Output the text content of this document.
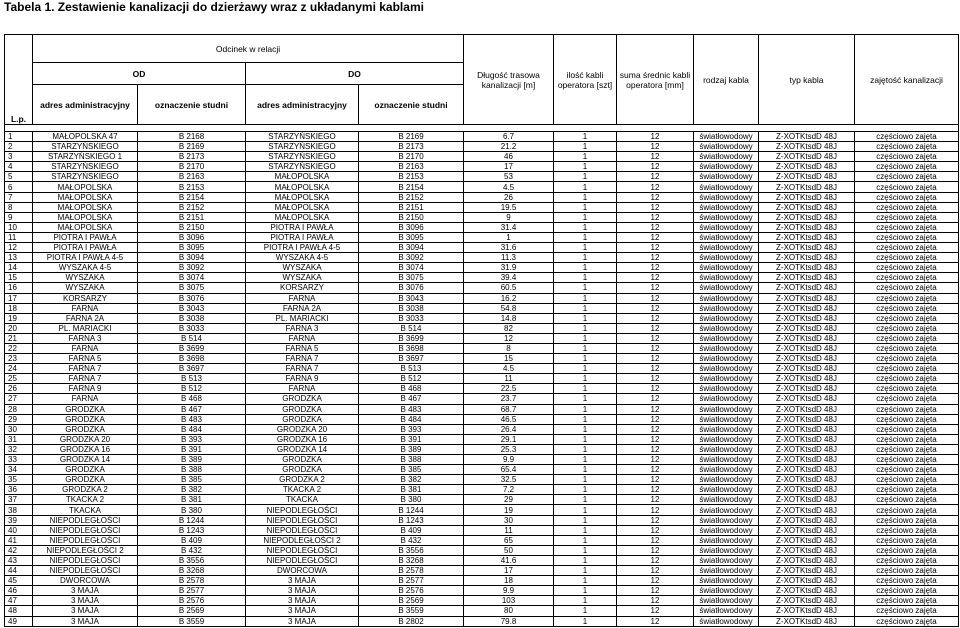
Tabela 1. Zestawienie kanalizacji do dzierżawy wraz z układanymi kablami
L.p.	Odcinek w relacji				Długość trasowa kanalizacji [m]	ilość kabli operatora [szt]	suma średnic kabli operatora [mm]	rodzaj kabla	typ kabla	zajętość kanalizacji
	OD		DO							
	adres administracyjny	oznaczenie studni	adres administracyjny	oznaczenie studni						

1	MAŁOPOLSKA 47	B 2168	STARZYŃSKIEGO	B 2169	6.7	1	12	światłowodowy	Z-XOTKtsdD 48J	częściowo zajęta
2	STARZYŃSKIEGO	B 2169	STARZYŃSKIEGO	B 2173	21.2	1	12	światłowodowy	Z-XOTKtsdD 48J	częściowo zajęta
3	STARZYŃSKIEGO 1	B 2173	STARZYŃSKIEGO	B 2170	46	1	12	światłowodowy	Z-XOTKtsdD 48J	częściowo zajęta
4	STARZYŃSKIEGO	B 2170	STARZYŃSKIEGO	B 2163	17	1	12	światłowodowy	Z-XOTKtsdD 48J	częściowo zajęta
5	STARZYŃSKIEGO	B 2163	MAŁOPOLSKA	B 2153	53	1	12	światłowodowy	Z-XOTKtsdD 48J	częściowo zajęta
6	MAŁOPOLSKA	B 2153	MAŁOPOLSKA	B 2154	4.5	1	12	światłowodowy	Z-XOTKtsdD 48J	częściowo zajęta
7	MAŁOPOLSKA	B 2154	MAŁOPOLSKA	B 2152	26	1	12	światłowodowy	Z-XOTKtsdD 48J	częściowo zajęta
8	MAŁOPOLSKA	B 2152	MAŁOPOLSKA	B 2151	19.5	1	12	światłowodowy	Z-XOTKtsdD 48J	częściowo zajęta
9	MAŁOPOLSKA	B 2151	MAŁOPOLSKA	B 2150	9	1	12	światłowodowy	Z-XOTKtsdD 48J	częściowo zajęta
10	MAŁOPOLSKA	B 2150	PIOTRA I PAWŁA	B 3096	31.4	1	12	światłowodowy	Z-XOTKtsdD 48J	częściowo zajęta
11	PIOTRA I PAWŁA	B 3096	PIOTRA I PAWŁA	B 3095	1	1	12	światłowodowy	Z-XOTKtsdD 48J	częściowo zajęta
12	PIOTRA I PAWŁA	B 3095	PIOTRA I PAWŁA 4-5	B 3094	31.6	1	12	światłowodowy	Z-XOTKtsdD 48J	częściowo zajęta
13	PIOTRA I PAWŁA 4-5	B 3094	WYSZAKA 4-5	B 3092	11.3	1	12	światłowodowy	Z-XOTKtsdD 48J	częściowo zajęta
14	WYSZAKA 4-5	B 3092	WYSZAKA	B 3074	31.9	1	12	światłowodowy	Z-XOTKtsdD 48J	częściowo zajęta
15	WYSZAKA	B 3074	WYSZAKA	B 3075	39.4	1	12	światłowodowy	Z-XOTKtsdD 48J	częściowo zajęta
16	WYSZAKA	B 3075	KORSARZY	B 3076	60.5	1	12	światłowodowy	Z-XOTKtsdD 48J	częściowo zajęta
17	KORSARZY	B 3076	FARNA	B 3043	16.2	1	12	światłowodowy	Z-XOTKtsdD 48J	częściowo zajęta
18	FARNA	B 3043	FARNA 2A	B 3038	54.8	1	12	światłowodowy	Z-XOTKtsdD 48J	częściowo zajęta
19	FARNA 2A	B 3038	PL. MARIACKI	B 3033	14.8	1	12	światłowodowy	Z-XOTKtsdD 48J	częściowo zajęta
20	PL. MARIACKI	B 3033	FARNA 3	B 514	82	1	12	światłowodowy	Z-XOTKtsdD 48J	częściowo zajęta
21	FARNA 3	B 514	FARNA	B 3699	12	1	12	światłowodowy	Z-XOTKtsdD 48J	częściowo zajęta
22	FARNA	B 3699	FARNA 5	B 3698	8	1	12	światłowodowy	Z-XOTKtsdD 48J	częściowo zajęta
23	FARNA 5	B 3698	FARNA 7	B 3697	15	1	12	światłowodowy	Z-XOTKtsdD 48J	częściowo zajęta
24	FARNA 7	B 3697	FARNA 7	B 513	4.5	1	12	światłowodowy	Z-XOTKtsdD 48J	częściowo zajęta
25	FARNA 7	B 513	FARNA 9	B 512	11	1	12	światłowodowy	Z-XOTKtsdD 48J	częściowo zajęta
26	FARNA 9	B 512	FARNA	B 468	22.5	1	12	światłowodowy	Z-XOTKtsdD 48J	częściowo zajęta
27	FARNA	B 468	GRODZKA	B 467	23.7	1	12	światłowodowy	Z-XOTKtsdD 48J	częściowo zajęta
28	GRODZKA	B 467	GRODZKA	B 483	68.7	1	12	światłowodowy	Z-XOTKtsdD 48J	częściowo zajęta
29	GRODZKA	B 483	GRODZKA	B 484	46.5	1	12	światłowodowy	Z-XOTKtsdD 48J	częściowo zajęta
30	GRODZKA	B 484	GRODZKA 20	B 393	26.4	1	12	światłowodowy	Z-XOTKtsdD 48J	częściowo zajęta
31	GRODZKA 20	B 393	GRODZKA 16	B 391	29.1	1	12	światłowodowy	Z-XOTKtsdD 48J	częściowo zajęta
32	GRODZKA 16	B 391	GRODZKA 14	B 389	25.3	1	12	światłowodowy	Z-XOTKtsdD 48J	częściowo zajęta
33	GRODZKA 14	B 389	GRODZKA	B 388	9.9	1	12	światłowodowy	Z-XOTKtsdD 48J	częściowo zajęta
34	GRODZKA	B 388	GRODZKA	B 385	65.4	1	12	światłowodowy	Z-XOTKtsdD 48J	częściowo zajęta
35	GRODZKA	B 385	GRODZKA 2	B 382	32.5	1	12	światłowodowy	Z-XOTKtsdD 48J	częściowo zajęta
36	GRODZKA 2	B 382	TKACKA 2	B 381	7.2	1	12	światłowodowy	Z-XOTKtsdD 48J	częściowo zajęta
37	TKACKA 2	B 381	TKACKA	B 380	29	1	12	światłowodowy	Z-XOTKtsdD 48J	częściowo zajęta
38	TKACKA	B 380	NIEPODLEGŁOŚCI	B 1244	19	1	12	światłowodowy	Z-XOTKtsdD 48J	częściowo zajęta
39	NIEPODLEGŁOŚCI	B 1244	NIEPODLEGŁOŚCI	B 1243	30	1	12	światłowodowy	Z-XOTKtsdD 48J	częściowo zajęta
40	NIEPODLEGŁOŚCI	B 1243	NIEPODLEGŁOŚCI	B 409	11	1	12	światłowodowy	Z-XOTKtsdD 48J	częściowo zajęta
41	NIEPODLEGŁOŚCI	B 409	NIEPODLEGŁOŚCI 2	B 432	65	1	12	światłowodowy	Z-XOTKtsdD 48J	częściowo zajęta
42	NIEPODLEGŁOŚCI 2	B 432	NIEPODLEGŁOŚCI	B 3556	50	1	12	światłowodowy	Z-XOTKtsdD 48J	częściowo zajęta
43	NIEPODLEGŁOŚCI	B 3556	NIEPODLEGŁOŚCI	B 3268	41.6	1	12	światłowodowy	Z-XOTKtsdD 48J	częściowo zajęta
44	NIEPODLEGŁOŚCI	B 3268	DWORCOWA	B 2578	17	1	12	światłowodowy	Z-XOTKtsdD 48J	częściowo zajęta
45	DWORCOWA	B 2578	3 MAJA	B 2577	18	1	12	światłowodowy	Z-XOTKtsdD 48J	częściowo zajęta
46	3 MAJA	B 2577	3 MAJA	B 2576	9.9	1	12	światłowodowy	Z-XOTKtsdD 48J	częściowo zajęta
47	3 MAJA	B 2576	3 MAJA	B 2569	103	1	12	światłowodowy	Z-XOTKtsdD 48J	częściowo zajęta
48	3 MAJA	B 2569	3 MAJA	B 3559	80	1	12	światłowodowy	Z-XOTKtsdD 48J	częściowo zajęta
49	3 MAJA	B 3559	3 MAJA	B 2802	79.8	1	12	światłowodowy	Z-XOTKtsdD 48J	częściowo zajęta
